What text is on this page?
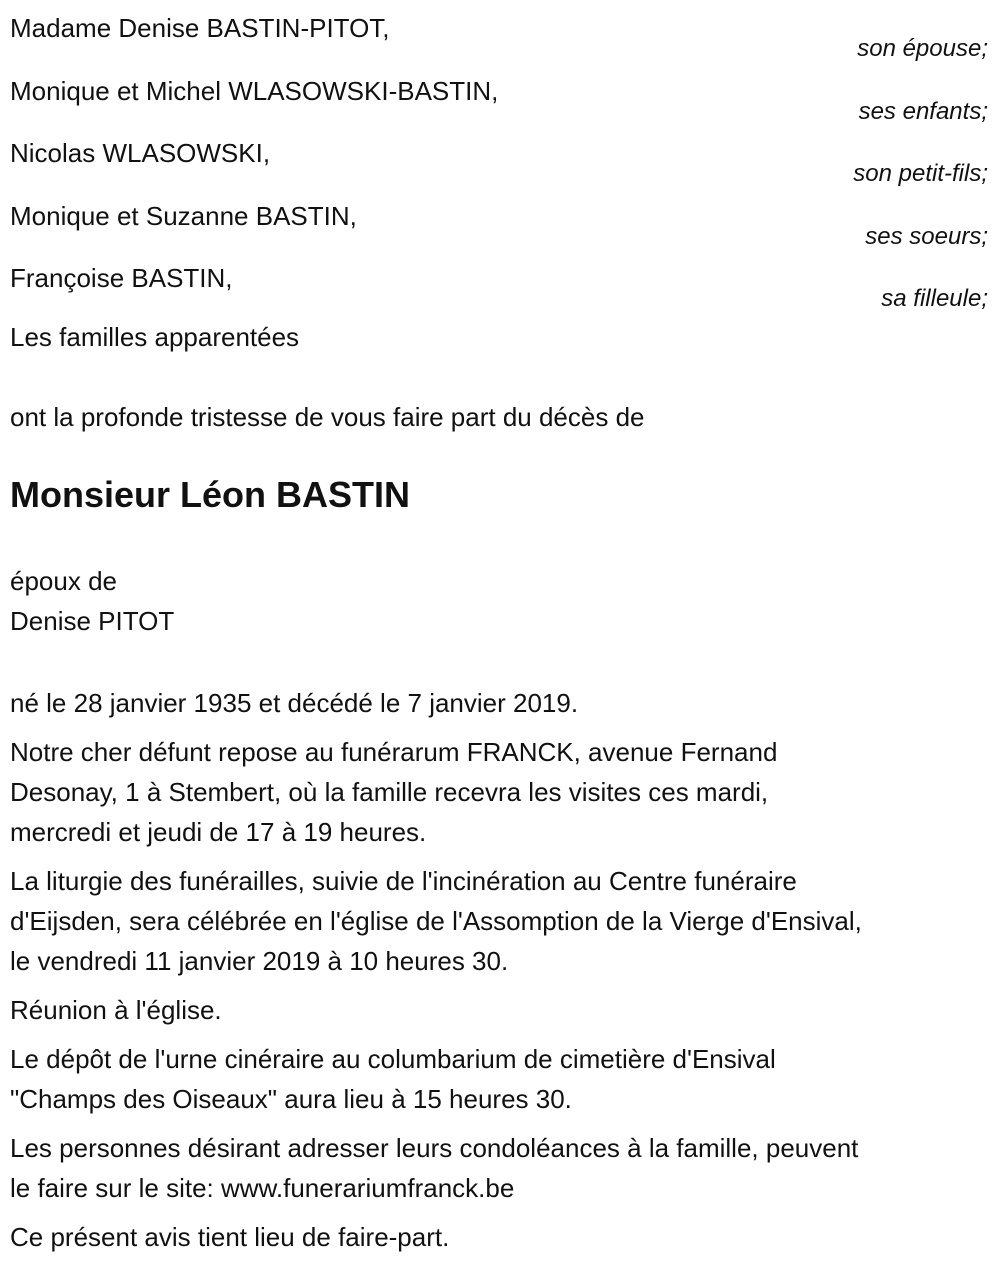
Madame Denise BASTIN-PITOT,
son épouse;
Monique et Michel WLASOWSKI-BASTIN,
ses enfants;
Nicolas WLASOWSKI,
son petit-fils;
Monique et Suzanne BASTIN,
ses soeurs;
Françoise BASTIN,
sa filleule;
Les familles apparentées
ont la profonde tristesse de vous faire part du décès de
Monsieur Léon BASTIN
époux de
Denise PITOT
né le 28 janvier 1935 et décédé le 7 janvier 2019.
Notre cher défunt repose au funérarum FRANCK, avenue Fernand
Desonay, 1 à Stembert, où la famille recevra les visites ces mardi,
mercredi et jeudi de 17 à 19 heures.
La liturgie des funérailles, suivie de l'incinération au Centre funéraire
d'Eijsden, sera célébrée en l'église de l'Assomption de la Vierge d'Ensival,
le vendredi 11 janvier 2019 à 10 heures 30.
Réunion à l'église.
Le dépôt de l'urne cinéraire au columbarium de cimetière d'Ensival
"Champs des Oiseaux" aura lieu à 15 heures 30.
Les personnes désirant adresser leurs condoléances à la famille, peuvent
le faire sur le site: www.funerariumfranck.be
Ce présent avis tient lieu de faire-part.
